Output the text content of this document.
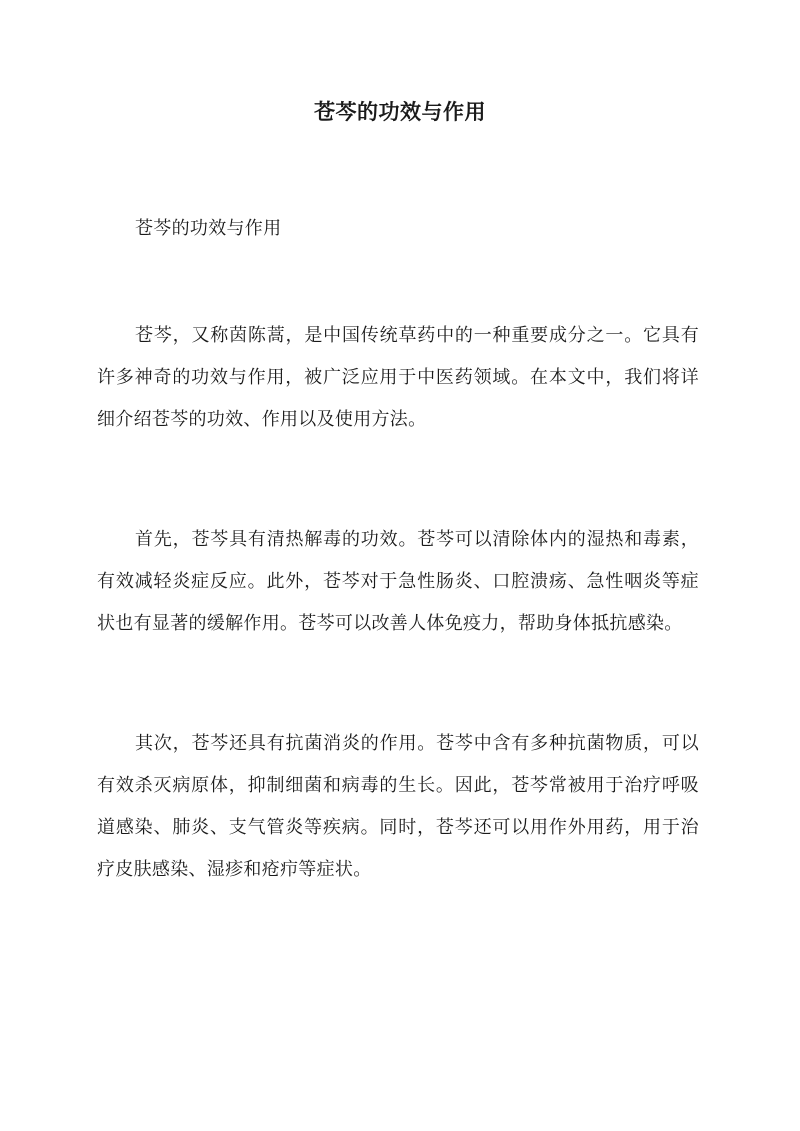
苍芩的功效与作用

苍芩的功效与作用

苍芩，又称茵陈蒿，是中国传统草药中的一种重要成分之一。它具有许多神奇的功效与作用，被广泛应用于中医药领域。在本文中，我们将详细介绍苍芩的功效、作用以及使用方法。

首先，苍芩具有清热解毒的功效。苍芩可以清除体内的湿热和毒素，有效减轻炎症反应。此外，苍芩对于急性肠炎、口腔溃疡、急性咽炎等症状也有显著的缓解作用。苍芩可以改善人体免疫力，帮助身体抵抗感染。

其次，苍芩还具有抗菌消炎的作用。苍芩中含有多种抗菌物质，可以有效杀灭病原体，抑制细菌和病毒的生长。因此，苍芩常被用于治疗呼吸道感染、肺炎、支气管炎等疾病。同时，苍芩还可以用作外用药，用于治疗皮肤感染、湿疹和疮疖等症状。
